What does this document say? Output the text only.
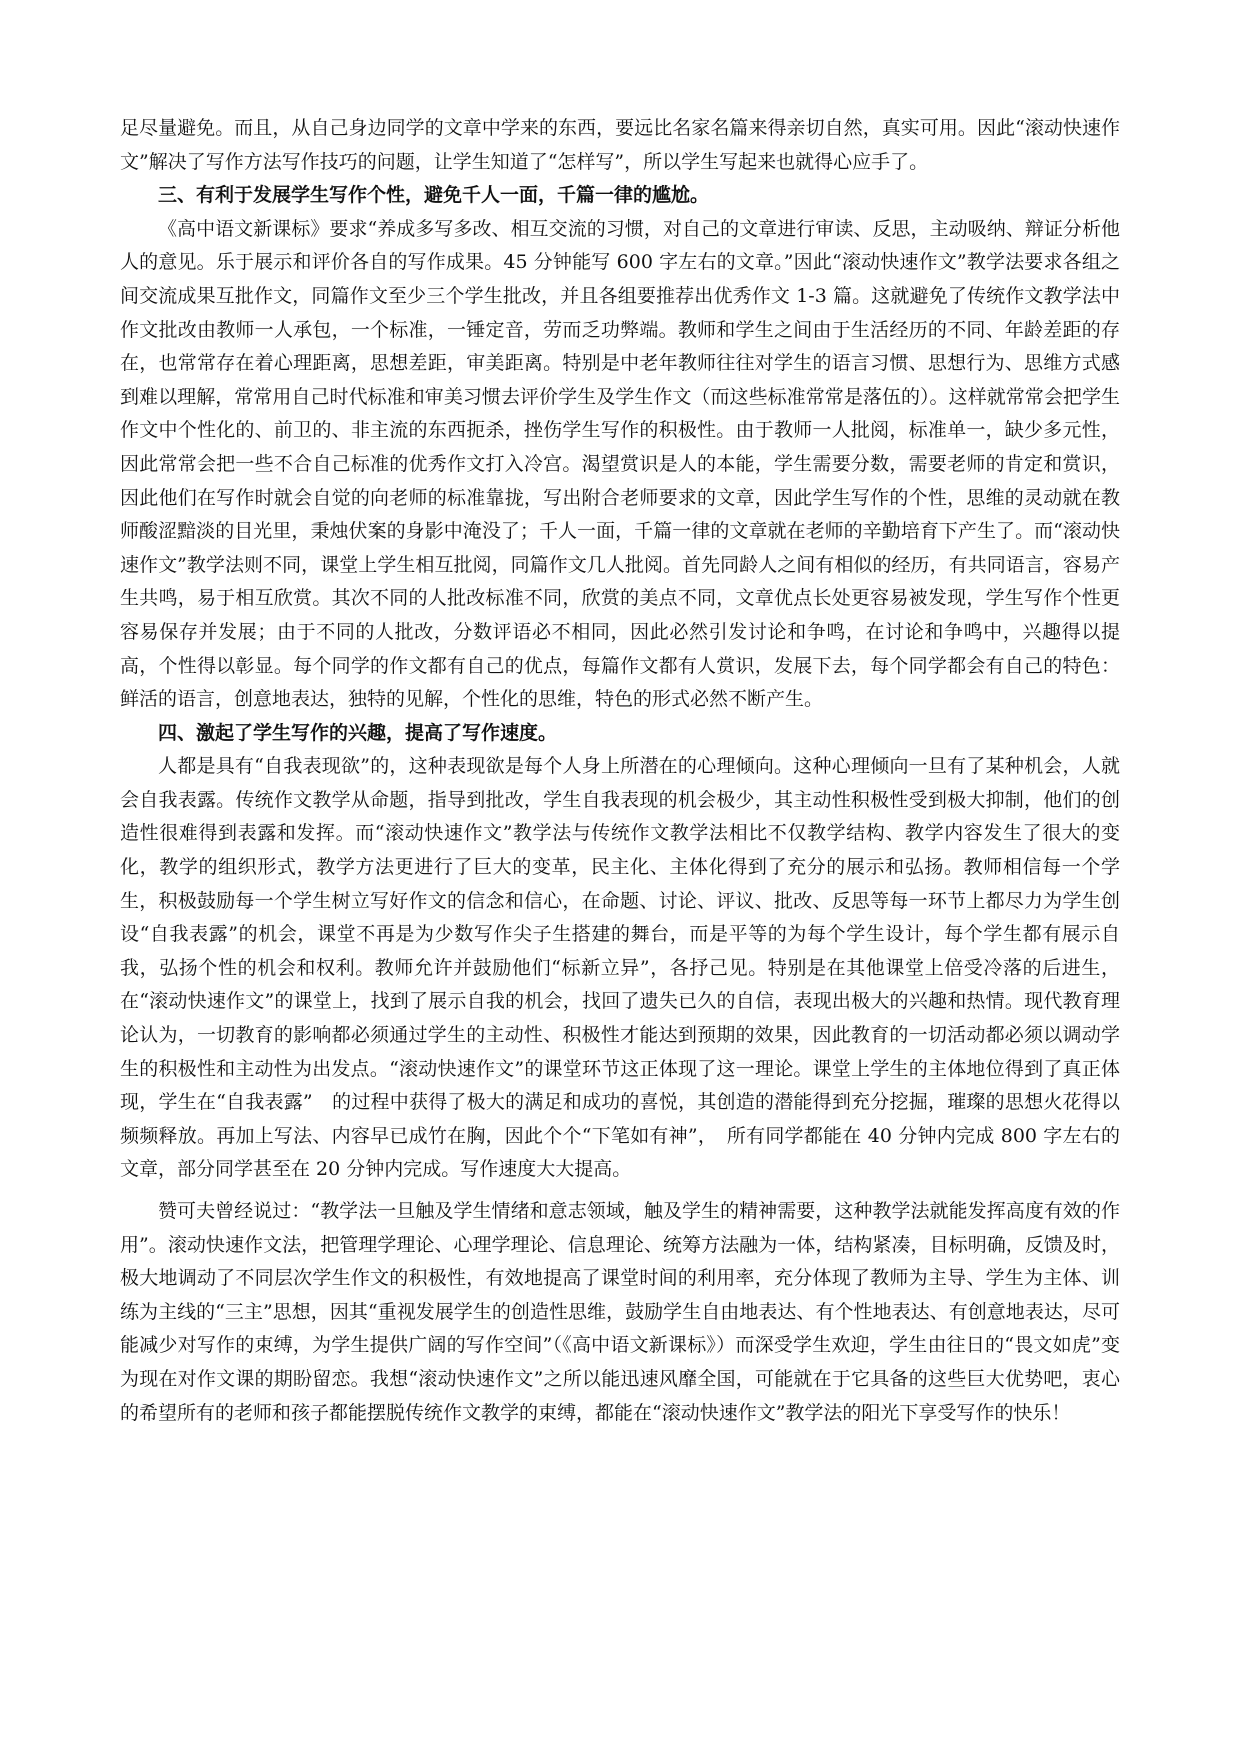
足尽量避免。而且，从自己身边同学的文章中学来的东西，要远比名家名篇来得亲切自然，真实可用。因此“滚动快速作文”解决了写作方法写作技巧的问题，让学生知道了“怎样写”，所以学生写起来也就得心应手了。

三、有利于发展学生写作个性，避免千人一面，千篇一律的尴尬。

《高中语文新课标》要求“养成多写多改、相互交流的习惯，对自己的文章进行审读、反思，主动吸纳、辩证分析他人的意见。乐于展示和评价各自的写作成果。45 分钟能写 600 字左右的文章。”因此“滚动快速作文”教学法要求各组之间交流成果互批作文，同篇作文至少三个学生批改，并且各组要推荐出优秀作文 1-3 篇。这就避免了传统作文教学法中作文批改由教师一人承包，一个标准，一锤定音，劳而乏功弊端。教师和学生之间由于生活经历的不同、年龄差距的存在，也常常存在着心理距离，思想差距，审美距离。特别是中老年教师往往对学生的语言习惯、思想行为、思维方式感到难以理解，常常用自己时代标准和审美习惯去评价学生及学生作文（而这些标准常常是落伍的）。这样就常常会把学生作文中个性化的、前卫的、非主流的东西扼杀，挫伤学生写作的积极性。由于教师一人批阅，标准单一，缺少多元性，因此常常会把一些不合自己标准的优秀作文打入冷宫。渴望赏识是人的本能，学生需要分数，需要老师的肯定和赏识，因此他们在写作时就会自觉的向老师的标准靠拢，写出附合老师要求的文章，因此学生写作的个性，思维的灵动就在教师酸涩黯淡的目光里，秉烛伏案的身影中淹没了；千人一面，千篇一律的文章就在老师的辛勤培育下产生了。而“滚动快速作文”教学法则不同，课堂上学生相互批阅，同篇作文几人批阅。首先同龄人之间有相似的经历，有共同语言，容易产生共鸣，易于相互欣赏。其次不同的人批改标准不同，欣赏的美点不同，文章优点长处更容易被发现，学生写作个性更容易保存并发展；由于不同的人批改，分数评语必不相同，因此必然引发讨论和争鸣，在讨论和争鸣中，兴趣得以提高，个性得以彰显。每个同学的作文都有自己的优点，每篇作文都有人赏识，发展下去，每个同学都会有自己的特色：鲜活的语言，创意地表达，独特的见解，个性化的思维，特色的形式必然不断产生。

四、激起了学生写作的兴趣，提高了写作速度。

人都是具有“自我表现欲”的，这种表现欲是每个人身上所潜在的心理倾向。这种心理倾向一旦有了某种机会，人就会自我表露。传统作文教学从命题，指导到批改，学生自我表现的机会极少，其主动性积极性受到极大抑制，他们的创造性很难得到表露和发挥。而“滚动快速作文”教学法与传统作文教学法相比不仅教学结构、教学内容发生了很大的变化，教学的组织形式，教学方法更进行了巨大的变革，民主化、主体化得到了充分的展示和弘扬。教师相信每一个学生，积极鼓励每一个学生树立写好作文的信念和信心，在命题、讨论、评议、批改、反思等每一环节上都尽力为学生创设“自我表露”的机会，课堂不再是为少数写作尖子生搭建的舞台，而是平等的为每个学生设计，每个学生都有展示自我，弘扬个性的机会和权利。教师允许并鼓励他们“标新立异”，各抒己见。特别是在其他课堂上倍受冷落的后进生，在“滚动快速作文”的课堂上，找到了展示自我的机会，找回了遗失已久的自信，表现出极大的兴趣和热情。现代教育理论认为，一切教育的影响都必须通过学生的主动性、积极性才能达到预期的效果，因此教育的一切活动都必须以调动学生的积极性和主动性为出发点。“滚动快速作文”的课堂环节这正体现了这一理论。课堂上学生的主体地位得到了真正体现，学生在“自我表露”　的过程中获得了极大的满足和成功的喜悦，其创造的潜能得到充分挖掘，璀璨的思想火花得以频频释放。再加上写法、内容早已成竹在胸，因此个个“下笔如有神”，　所有同学都能在 40 分钟内完成 800 字左右的文章，部分同学甚至在 20 分钟内完成。写作速度大大提高。

赞可夫曾经说过：“教学法一旦触及学生情绪和意志领域，触及学生的精神需要，这种教学法就能发挥高度有效的作用”。滚动快速作文法，把管理学理论、心理学理论、信息理论、统筹方法融为一体，结构紧凑，目标明确，反馈及时，极大地调动了不同层次学生作文的积极性，有效地提高了课堂时间的利用率，充分体现了教师为主导、学生为主体、训练为主线的“三主”思想，因其“重视发展学生的创造性思维，鼓励学生自由地表达、有个性地表达、有创意地表达，尽可能减少对写作的束缚，为学生提供广阔的写作空间”（《高中语文新课标》）而深受学生欢迎，学生由往日的“畏文如虎”变为现在对作文课的期盼留恋。我想“滚动快速作文”之所以能迅速风靡全国，可能就在于它具备的这些巨大优势吧，衷心的希望所有的老师和孩子都能摆脱传统作文教学的束缚，都能在“滚动快速作文”教学法的阳光下享受写作的快乐！
